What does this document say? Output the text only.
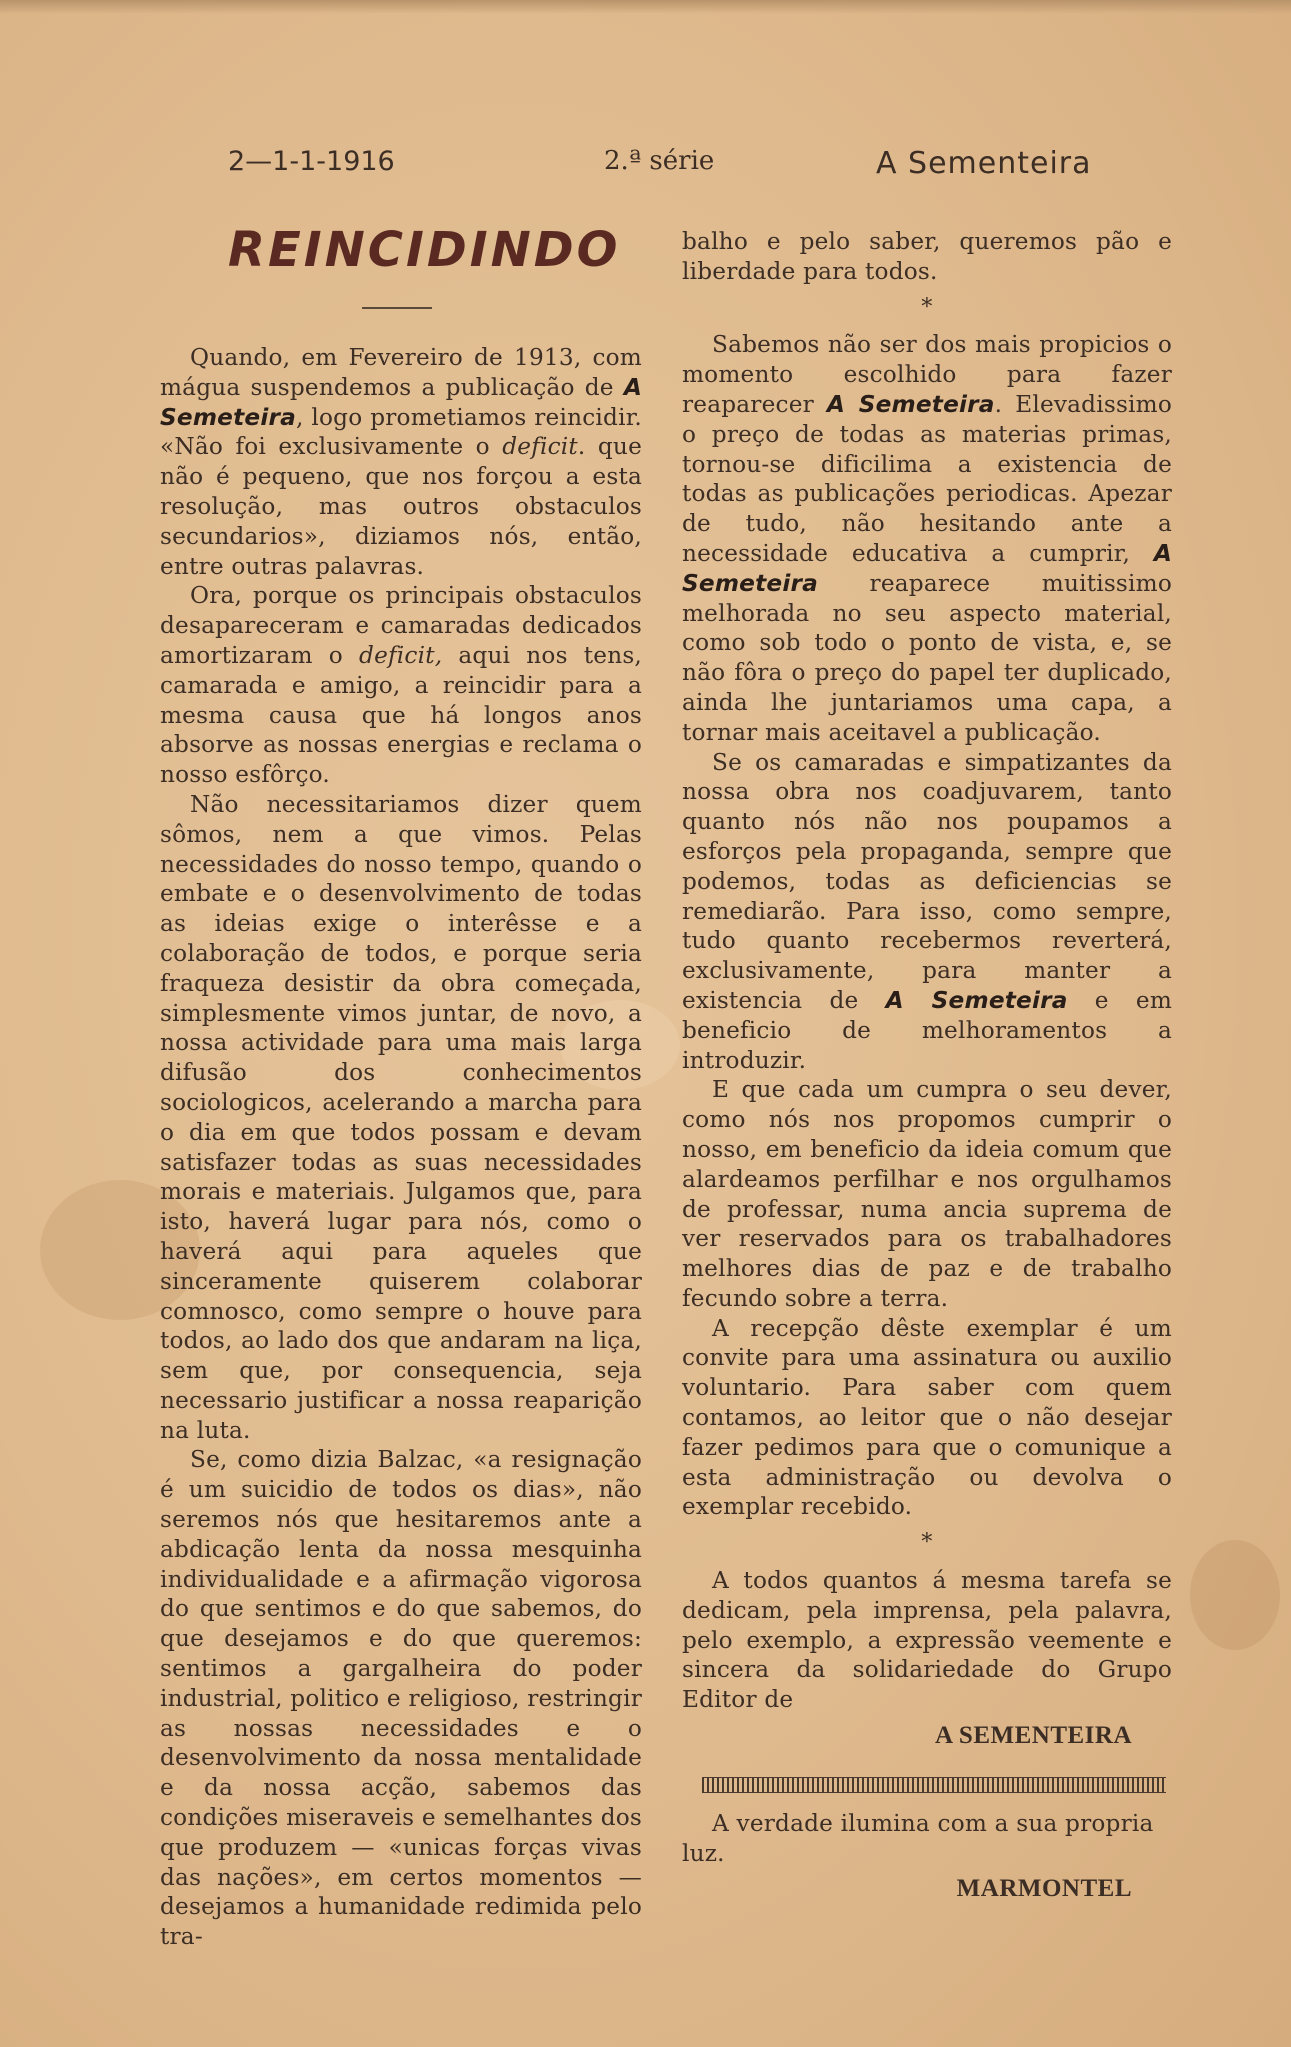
2—1-1-1916	2.ª série	A Sementeira
REINCIDINDO

Quando, em Fevereiro de 1913, com mágua suspendemos a publicação de A Semeteira, logo prometiamos reincidir. «Não foi exclusivamente o deficit. que não é pequeno, que nos forçou a esta resolução, mas outros obstaculos secundarios», diziamos nós, então, entre outras palavras.

Ora, porque os principais obstaculos desapareceram e camaradas dedicados amortizaram o deficit, aqui nos tens, camarada e amigo, a reincidir para a mesma causa que há longos anos absorve as nossas energias e reclama o nosso esfôrço.

Não necessitariamos dizer quem sômos, nem a que vimos. Pelas necessidades do nosso tempo, quando o embate e o desenvolvimento de todas as ideias exige o interêsse e a colaboração de todos, e porque seria fraqueza desistir da obra começada, simplesmente vimos juntar, de novo, a nossa actividade para uma mais larga difusão dos conhecimentos sociologicos, acelerando a marcha para o dia em que todos possam e devam satisfazer todas as suas necessidades morais e materiais. Julgamos que, para isto, haverá lugar para nós, como o haverá aqui para aqueles que sinceramente quiserem colaborar comnosco, como sempre o houve para todos, ao lado dos que andaram na liça, sem que, por consequencia, seja necessario justificar a nossa reaparição na luta.

Se, como dizia Balzac, «a resignação é um suicidio de todos os dias», não seremos nós que hesitaremos ante a abdicação lenta da nossa mesquinha individualidade e a afirmação vigorosa do que sentimos e do que sabemos, do que desejamos e do que queremos: sentimos a gargalheira do poder industrial, politico e religioso, restringir as nossas necessidades e o desenvolvimento da nossa mentalidade e da nossa acção, sabemos das condições miseraveis e semelhantes dos que produzem — «unicas forças vivas das nações», em certos momentos — desejamos a humanidade redimida pelo tra-

balho e pelo saber, queremos pão e liberdade para todos.

*

Sabemos não ser dos mais propicios o momento escolhido para fazer reaparecer A Semeteira. Elevadissimo o preço de todas as materias primas, tornou-se dificilima a existencia de todas as publicações periodicas. Apezar de tudo, não hesitando ante a necessidade educativa a cumprir, A Semeteira reaparece muitissimo melhorada no seu aspecto material, como sob todo o ponto de vista, e, se não fôra o preço do papel ter duplicado, ainda lhe juntariamos uma capa, a tornar mais aceitavel a publicação.

Se os camaradas e simpatizantes da nossa obra nos coadjuvarem, tanto quanto nós não nos poupamos a esforços pela propaganda, sempre que podemos, todas as deficiencias se remediarão. Para isso, como sempre, tudo quanto recebermos reverterá, exclusivamente, para manter a existencia de A Semeteira e em beneficio de melhoramentos a introduzir.

E que cada um cumpra o seu dever, como nós nos propomos cumprir o nosso, em beneficio da ideia comum que alardeamos perfilhar e nos orgulhamos de professar, numa ancia suprema de ver reservados para os trabalhadores melhores dias de paz e de trabalho fecundo sobre a terra.

A recepção dêste exemplar é um convite para uma assinatura ou auxilio voluntario. Para saber com quem contamos, ao leitor que o não desejar fazer pedimos para que o comunique a esta administração ou devolva o exemplar recebido.

*

A todos quantos á mesma tarefa se dedicam, pela imprensa, pela palavra, pelo exemplo, a expressão veemente e sincera da solidariedade do Grupo Editor de

A SEMENTEIRA

A verdade ilumina com a sua propria luz.

MARMONTEL
